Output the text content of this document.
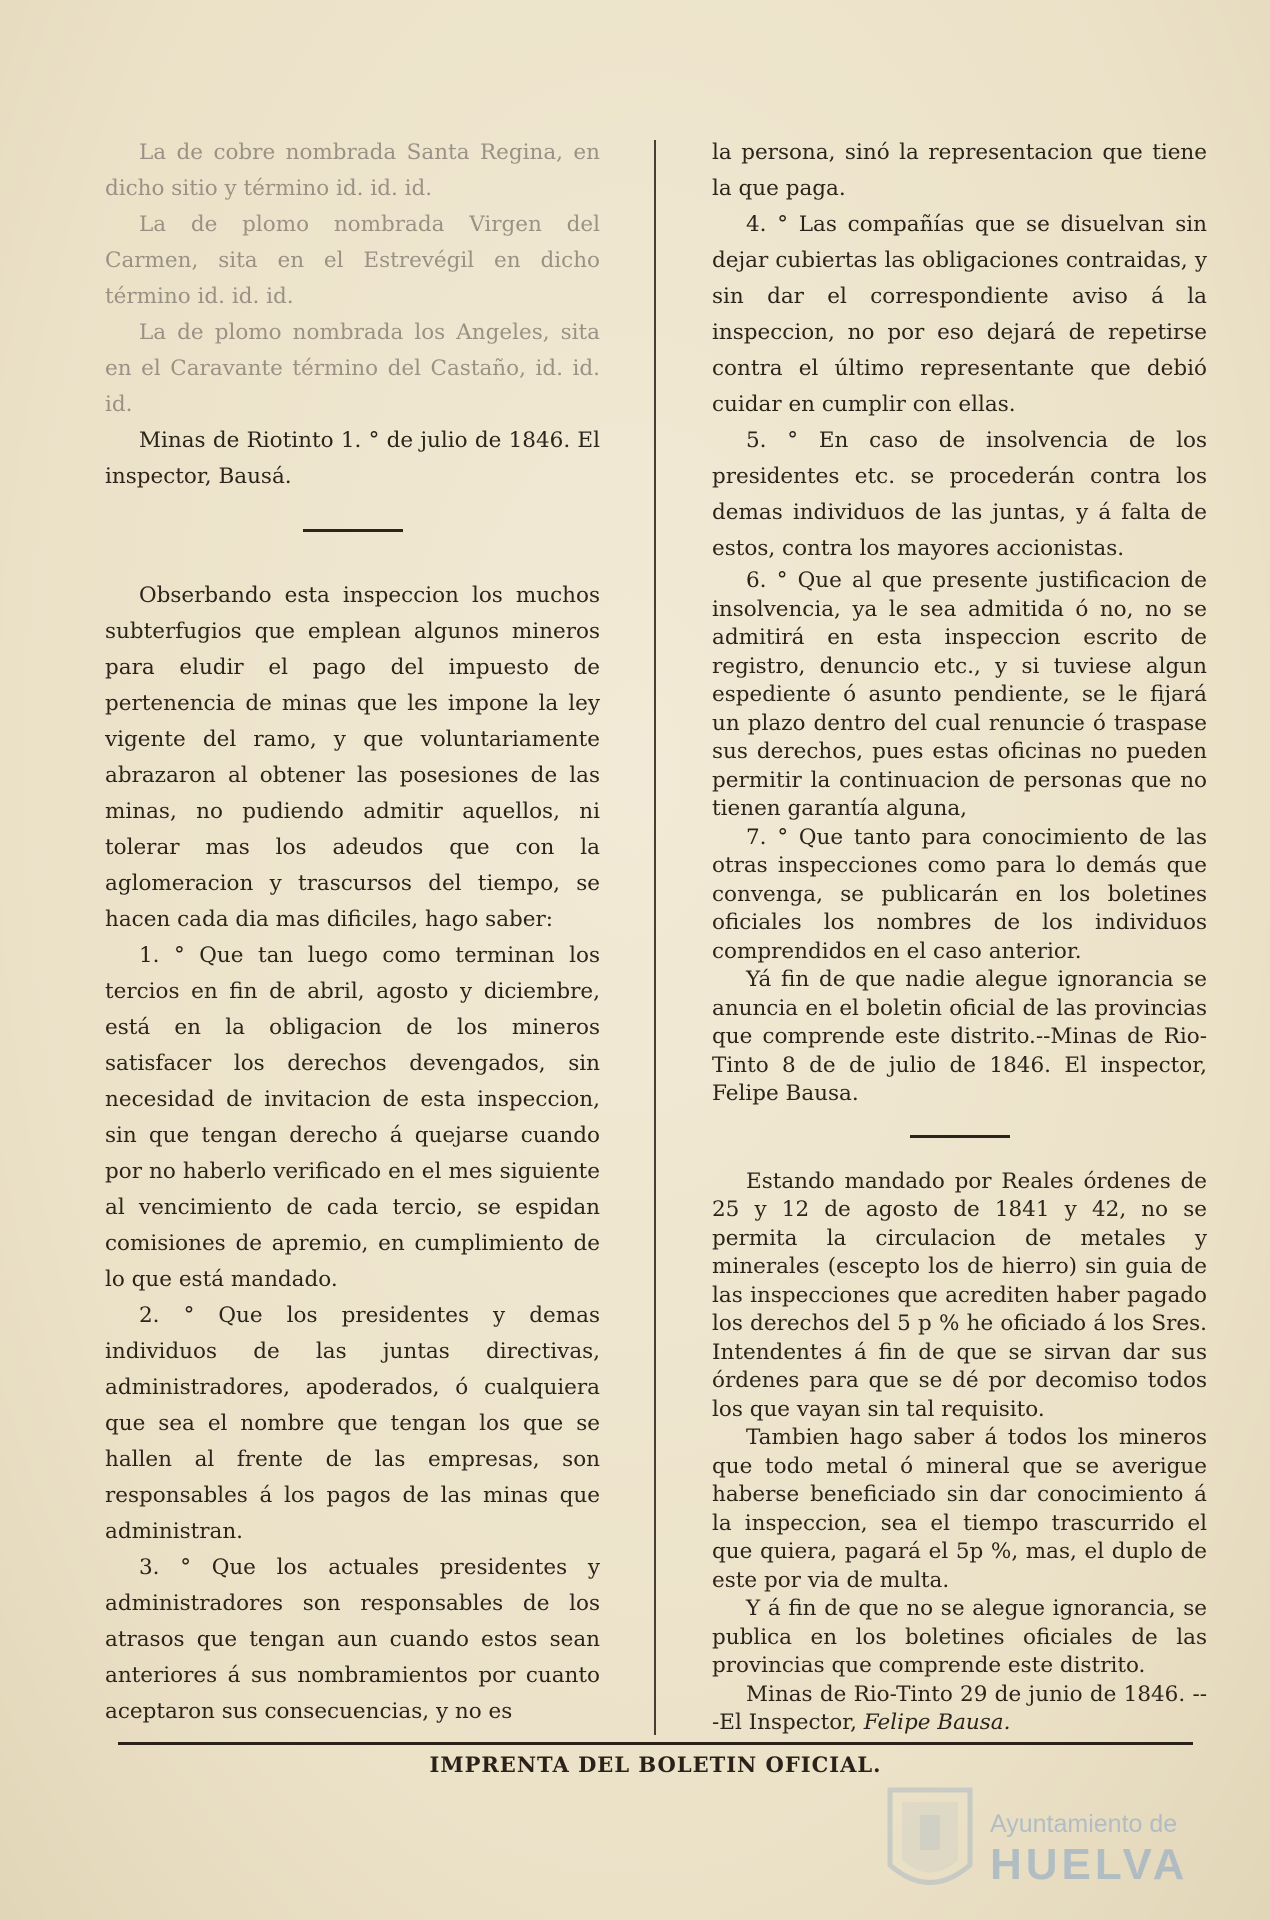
La de cobre nombrada Santa Regina, en dicho sitio y término id. id. id.

La de plomo nombrada Virgen del Carmen, sita en el Estrevégil en dicho término id. id. id.

La de plomo nombrada los Angeles, sita en el Caravante término del Castaño, id. id. id.

Minas de Riotinto 1. ° de julio de 1846. El inspector, Bausá.

Obserbando esta inspeccion los muchos subterfugios que emplean algunos mineros para eludir el pago del impuesto de pertenencia de minas que les impone la ley vigente del ramo, y que voluntariamente abrazaron al obtener las posesiones de las minas, no pudiendo admitir aquellos, ni tolerar mas los adeudos que con la aglomeracion y trascursos del tiempo, se hacen cada dia mas dificiles, hago saber:

1. ° Que tan luego como terminan los tercios en fin de abril, agosto y diciembre, está en la obligacion de los mineros satisfacer los derechos devengados, sin necesidad de invitacion de esta inspeccion, sin que tengan derecho á quejarse cuando por no haberlo verificado en el mes siguiente al vencimiento de cada tercio, se espidan comisiones de apremio, en cumplimiento de lo que está mandado.

2. ° Que los presidentes y demas individuos de las juntas directivas, administradores, apoderados, ó cualquiera que sea el nombre que tengan los que se hallen al frente de las empresas, son responsables á los pagos de las minas que administran.

3. ° Que los actuales presidentes y administradores son responsables de los atrasos que tengan aun cuando estos sean anteriores á sus nombramientos por cuanto aceptaron sus consecuencias, y no es

la persona, sinó la representacion que tiene la que paga.

4. ° Las compañías que se disuelvan sin dejar cubiertas las obligaciones contraidas, y sin dar el correspondiente aviso á la inspeccion, no por eso dejará de repetirse contra el último representante que debió cuidar en cumplir con ellas.

5. ° En caso de insolvencia de los presidentes etc. se procederán contra los demas individuos de las juntas, y á falta de estos, contra los mayores accionistas.

6. ° Que al que presente justificacion de insolvencia, ya le sea admitida ó no, no se admitirá en esta inspeccion escrito de registro, denuncio etc., y si tuviese algun espediente ó asunto pendiente, se le fijará un plazo dentro del cual renuncie ó traspase sus derechos, pues estas oficinas no pueden permitir la continuacion de personas que no tienen garantía alguna,

7. ° Que tanto para conocimiento de las otras inspecciones como para lo demás que convenga, se publicarán en los boletines oficiales los nombres de los individuos comprendidos en el caso anterior.

Yá fin de que nadie alegue ignorancia se anuncia en el boletin oficial de las provincias que comprende este distrito.--Minas de Rio-Tinto 8 de de julio de 1846. El inspector, Felipe Bausa.

Estando mandado por Reales órdenes de 25 y 12 de agosto de 1841 y 42, no se permita la circulacion de metales y minerales (escepto los de hierro) sin guia de las inspecciones que acrediten haber pagado los derechos del 5 p % he oficiado á los Sres. Intendentes á fin de que se sirvan dar sus órdenes para que se dé por decomiso todos los que vayan sin tal requisito.

Tambien hago saber á todos los mineros que todo metal ó mineral que se averigue haberse beneficiado sin dar conocimiento á la inspeccion, sea el tiempo trascurrido el que quiera, pagará el 5p %, mas, el duplo de este por via de multa.

Y á fin de que no se alegue ignorancia, se publica en los boletines oficiales de las provincias que comprende este distrito.

Minas de Rio-Tinto 29 de junio de 1846. ---El Inspector, Felipe Bausa.

IMPRENTA DEL BOLETIN OFICIAL.
Ayuntamiento de
HUELVA
